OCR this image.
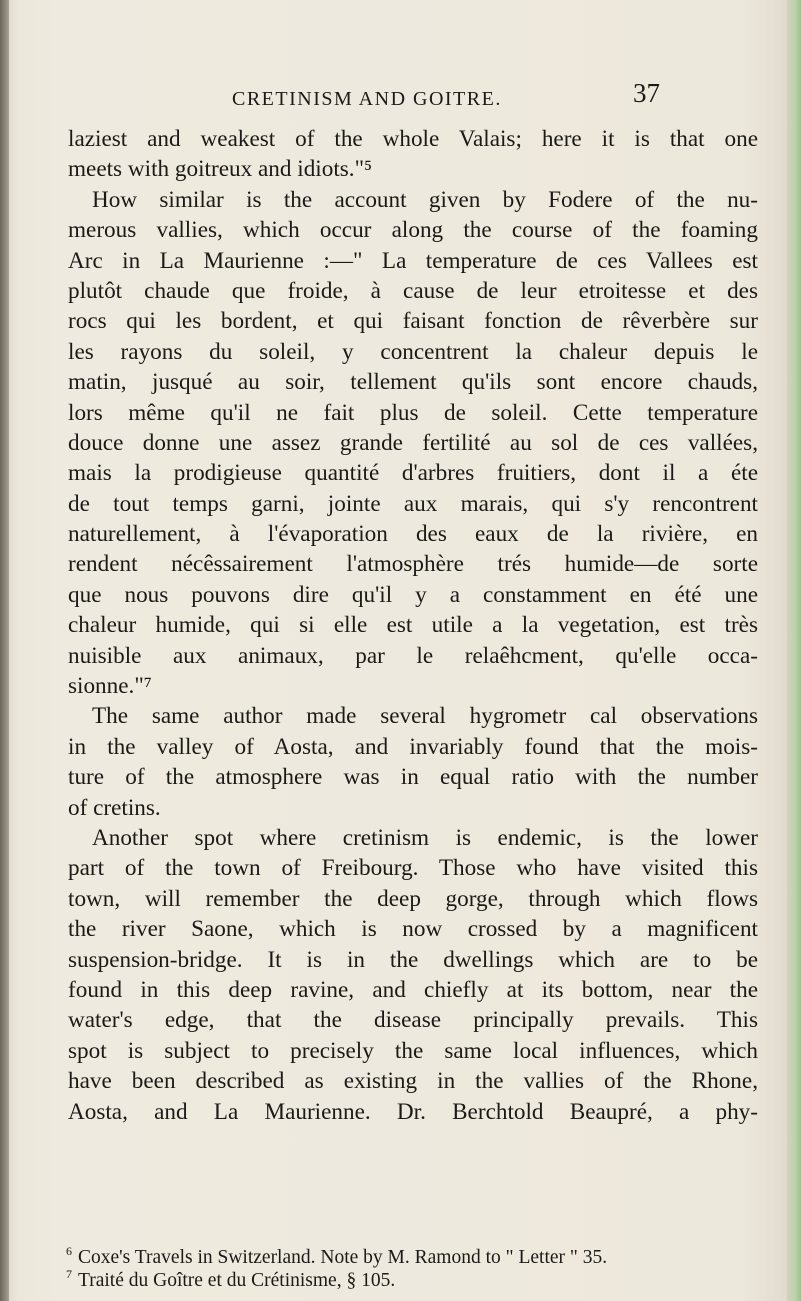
CRETINISM AND GOITRE.	37
laziest and weakest of the whole Valais; here it is that one
meets with goitreux and idiots."⁵
How similar is the account given by Fodere of the nu-
merous vallies, which occur along the course of the foaming
Arc in La Maurienne :—" La temperature de ces Vallees est
plutôt chaude que froide, à cause de leur etroitesse et des
rocs qui les bordent, et qui faisant fonction de rêverbère sur
les rayons du soleil, y concentrent la chaleur depuis le
matin, jusqué au soir, tellement qu'ils sont encore chauds,
lors même qu'il ne fait plus de soleil. Cette temperature
douce donne une assez grande fertilité au sol de ces vallées,
mais la prodigieuse quantité d'arbres fruitiers, dont il a éte
de tout temps garni, jointe aux marais, qui s'y rencontrent
naturellement, à l'évaporation des eaux de la rivière, en
rendent nécêssairement l'atmosphère trés humide—de sorte
que nous pouvons dire qu'il y a constamment en été une
chaleur humide, qui si elle est utile a la vegetation, est très
nuisible aux animaux, par le relaêhcment, qu'elle occa-
sionne."⁷
The same author made several hygrometr cal observations
in the valley of Aosta, and invariably found that the mois-
ture of the atmosphere was in equal ratio with the number
of cretins.
Another spot where cretinism is endemic, is the lower
part of the town of Freibourg. Those who have visited this
town, will remember the deep gorge, through which flows
the river Saone, which is now crossed by a magnificent
suspension-bridge. It is in the dwellings which are to be
found in this deep ravine, and chiefly at its bottom, near the
water's edge, that the disease principally prevails. This
spot is subject to precisely the same local influences, which
have been described as existing in the vallies of the Rhone,
Aosta, and La Maurienne. Dr. Berchtold Beaupré, a phy-
$^6$ Coxe's Travels in Switzerland. Note by M. Ramond to " Letter " 35.
$^7$ Traité du Goître et du Crétinisme, § 105.
